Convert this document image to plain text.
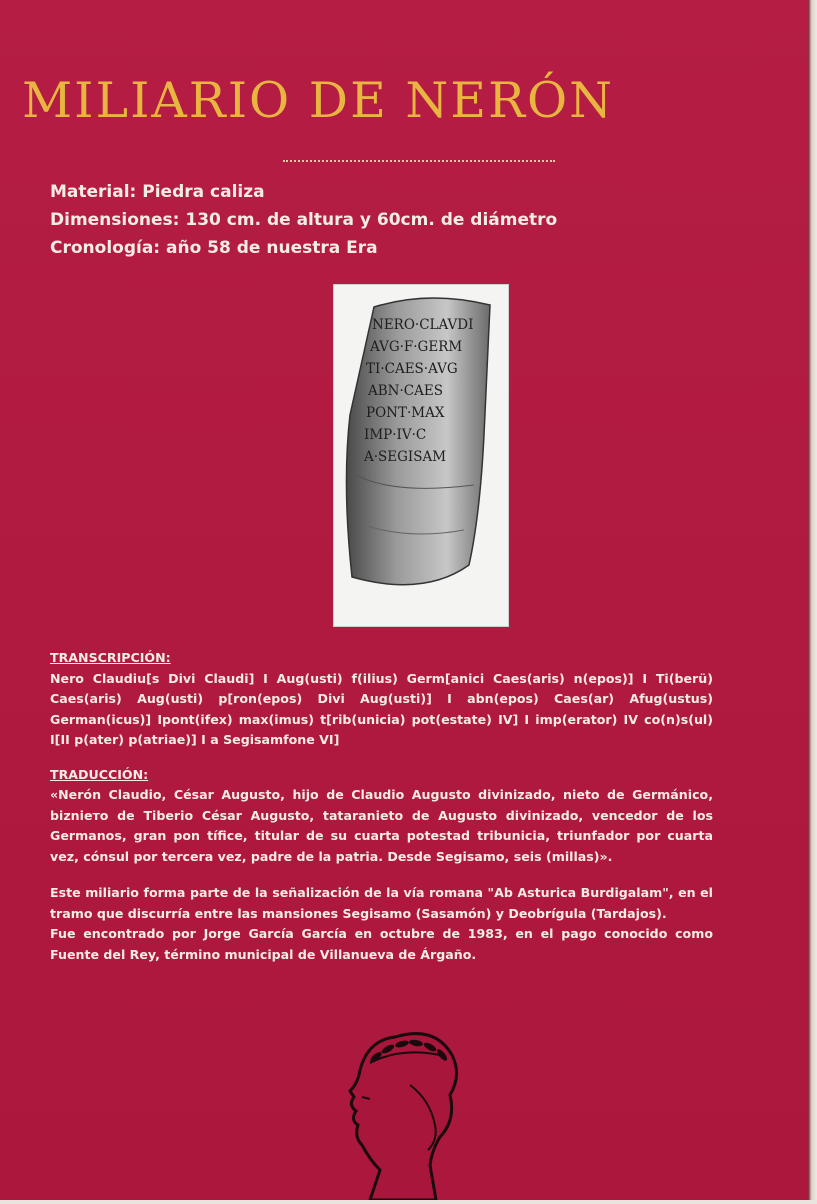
MILIARIO DE NERÓN
Material: Piedra caliza
Dimensiones: 130 cm. de altura y 60cm. de diámetro
Cronología: año 58 de nuestra Era
NERO·CLAVDI
AVG·F·GERM
TI·CAES·AVG
ABN·CAES
PONT·MAX
IMP·IV·C
A·SEGISAM
TRANSCRIPCIÓN:

Nero Claudiu[s Divi Claudi] I Aug(usti) f(ilius) Germ[anici Caes(aris) n(epos)] I Ti(berü) Caes(aris) Aug(usti) p[ron(epos) Divi Aug(usti)] I abn(epos) Caes(ar) Afug(ustus) German(icus)] Ipont(ifex) max(imus) t[rib(unicia) pot(estate) IV] I imp(erator) IV co(n)s(ul) I[II p(ater) p(atriae)] I a Segisamfone VI]

TRADUCCIÓN:

«Nerón Claudio, César Augusto, hijo de Claudio Augusto divinizado, nieto de Germánico, bizniето de Tiberio César Augusto, tataranieto de Augusto divinizado, vencedor de los Germanos, gran pon tífice, titular de su cuarta potestad tribunicia, triunfador por cuarta vez, cónsul por tercera vez, padre de la patria. Desde Segisamo, seis (millas)».

Este miliario forma parte de la señalización de la vía romana "Ab Asturica Burdigalam", en el tramo que discurría entre las mansiones Segisamo (Sasamón) y Deobrígula (Tardajos).

Fue encontrado por Jorge García García en octubre de 1983, en el pago conocido como Fuente del Rey, término municipal de Villanueva de Árgaño.
